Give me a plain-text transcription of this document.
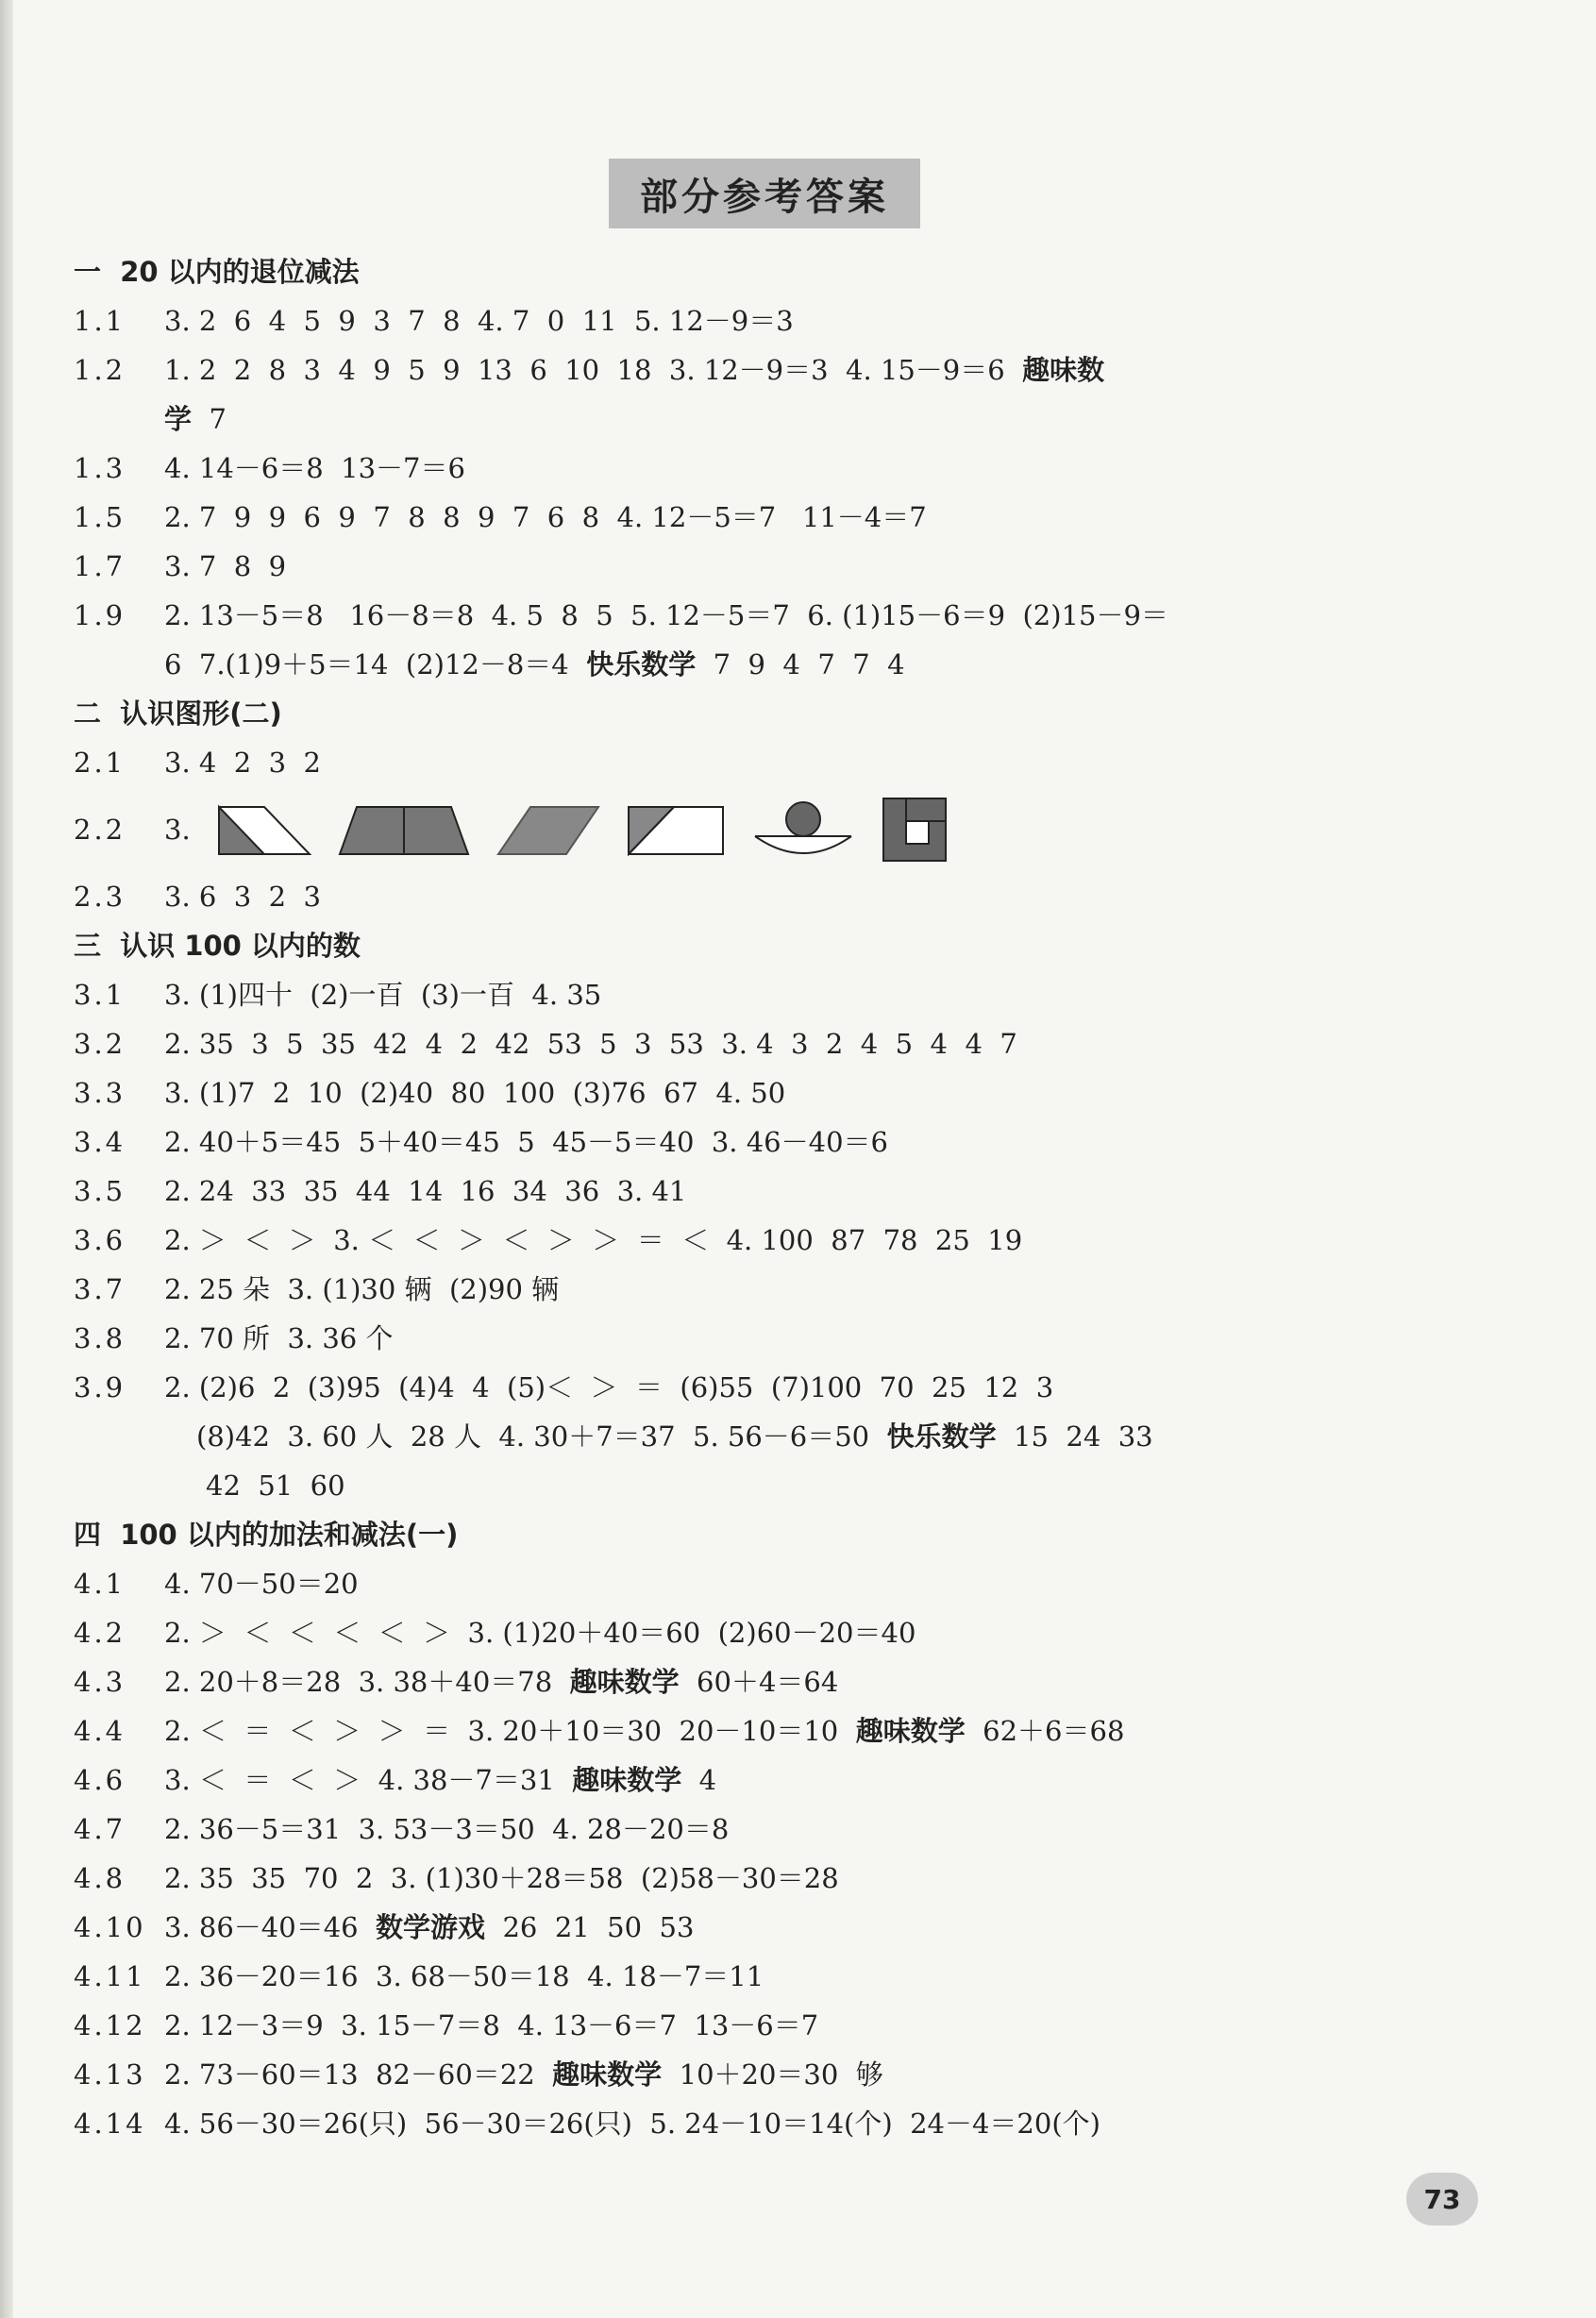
部分参考答案
一  20 以内的退位减法
1.1	3. 2  6  4  5  9  3  7  8  4. 7  0  11  5. 12－9＝3
1.2	1. 2  2  8  3  4  9  5  9  13  6  10  18  3. 12－9＝3  4. 15－9＝6 趣味数
学  7
1.3	4. 14－6＝8  13－7＝6
1.5	2. 7  9  9  6  9  7  8  8  9  7  6  8  4. 12－5＝7   11－4＝7
1.7	3. 7  8  9
1.9	2. 13－5＝8   16－8＝8  4. 5  8  5  5. 12－5＝7  6. (1)15－6＝9  (2)15－9＝
6  7.(1)9＋5＝14  (2)12－8＝4  快乐数学  7  9  4  7  7  4
二  认识图形(二)
2.1	3. 4  2  3  2
2.2	3.
2.3	3. 6  3  2  3
三  认识 100 以内的数
3.1	3. (1)四十  (2)一百  (3)一百  4. 35
3.2	2. 35  3  5  35  42  4  2  42  53  5  3  53  3. 4  3  2  4  5  4  4  7
3.3	3. (1)7  2  10  (2)40  80  100  (3)76  67  4. 50
3.4	2. 40＋5＝45  5＋40＝45  5  45－5＝40  3. 46－40＝6
3.5	2. 24  33  35  44  14  16  34  36  3. 41
3.6	2. ＞  ＜  ＞  3. ＜  ＜  ＞  ＜  ＞  ＞  ＝  ＜  4. 100  87  78  25  19
3.7	2. 25 朵  3. (1)30 辆  (2)90 辆
3.8	2. 70 所  3. 36 个
3.9	2. (2)6  2  (3)95  (4)4  4  (5)＜  ＞  ＝  (6)55  (7)100  70  25  12  3
(8)42  3. 60 人  28 人  4. 30＋7＝37  5. 56－6＝50  快乐数学  15  24  33
42  51  60
四  100 以内的加法和减法(一)
4.1	4. 70－50＝20
4.2	2. ＞  ＜  ＜  ＜  ＜  ＞  3. (1)20＋40＝60  (2)60－20＝40
4.3	2. 20＋8＝28  3. 38＋40＝78  趣味数学  60＋4＝64
4.4	2. ＜  ＝  ＜  ＞  ＞  ＝  3. 20＋10＝30  20－10＝10  趣味数学  62＋6＝68
4.6	3. ＜  ＝  ＜  ＞  4. 38－7＝31  趣味数学  4
4.7	2. 36－5＝31  3. 53－3＝50  4. 28－20＝8
4.8	2. 35  35  70  2  3. (1)30＋28＝58  (2)58－30＝28
4.10 3. 86－40＝46  数学游戏  26  21  50  53
4.11 2. 36－20＝16  3. 68－50＝18  4. 18－7＝11
4.12 2. 12－3＝9  3. 15－7＝8  4. 13－6＝7  13－6＝7
4.13 2. 73－60＝13  82－60＝22  趣味数学  10＋20＝30  够
4.14 4. 56－30＝26(只)  56－30＝26(只)  5. 24－10＝14(个)  24－4＝20(个)
73
